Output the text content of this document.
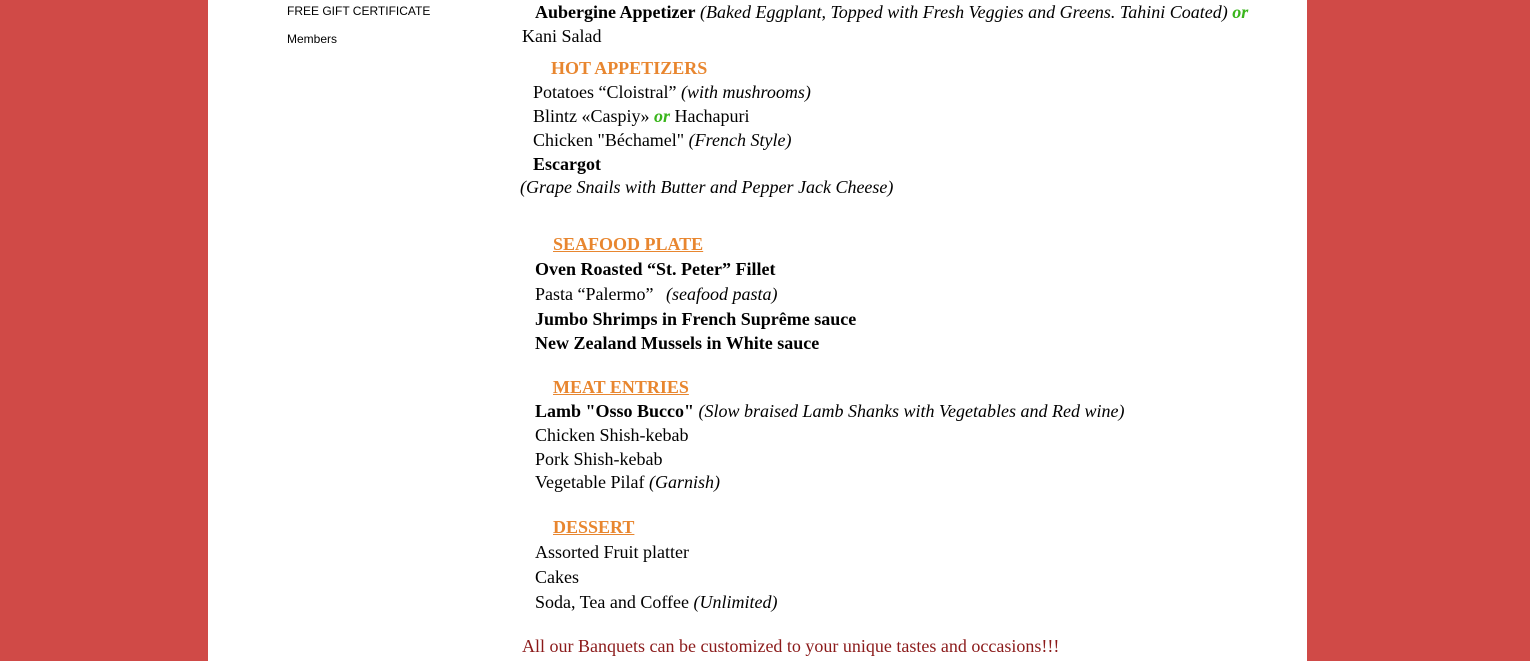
FREE GIFT CERTIFICATE
Members
Aubergine Appetizer (Baked Eggplant, Topped with Fresh Veggies and Greens. Tahini Coated) or
Kani Salad
HOT APPETIZERS
Potatoes “Cloistral” (with mushrooms)
Blintz «Caspiy» or Hachapuri
Chicken "Béchamel" (French Style)
Escargot
(Grape Snails with Butter and Pepper Jack Cheese)
SEAFOOD PLATE
Oven Roasted “St. Peter” Fillet
Pasta “Palermo” (seafood pasta)
Jumbo Shrimps in French Suprême sauce
New Zealand Mussels in White sauce
MEAT ENTRIES
Lamb "Osso Bucco" (Slow braised Lamb Shanks with Vegetables and Red wine)
Chicken Shish-kebab
Pork Shish-kebab
Vegetable Pilaf (Garnish)
DESSERT
Assorted Fruit platter
Cakes
Soda, Tea and Coffee (Unlimited)
All our Banquets can be customized to your unique tastes and occasions!!!
